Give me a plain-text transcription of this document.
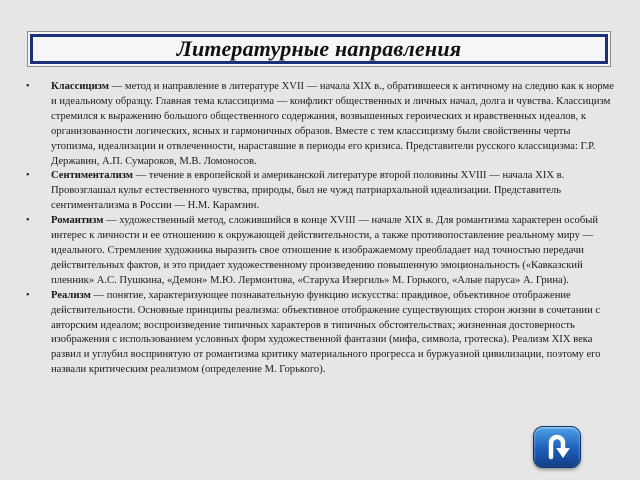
Литературные направления
• Классицизм — метод и направление в литературе XVII — начала XIX в., обратившееся к античному на следию как к норме и идеальному образцу. Главная тема классицизма — конфликт общественных и личных начал, долга и чувства. Классицизм стремился к выражению большого общественного содержания, возвышенных героических и нравственных идеалов, к организованности логических, ясных и гармоничных образов. Вместе с тем классицизму были свойственны черты утопизма, идеализации и отвлеченности, нараставшие в периоды его кризиса. Представители русского классицизма: Г.Р. Державин, А.П. Сумароков, М.В. Ломоносов.
• Сентиментализм — течение в европейской и американской литературе второй половины XVIII — начала XIX в. Провозглашал культ естественного чувства, природы, был не чужд патриархальной идеализации. Представитель сентиментализма в России — Н.М. Карамзин.
• Романтизм — художественный метод, сложившийся в конце XVIII — начале XIX в. Для романтизма характерен особый интерес к личности и ее отношению к окружающей действительности, а также противопоставление реальному миру — идеального. Стремление художника выразить свое отношение к изображаемому преобладает над точностью передачи действительных фактов, и это придает художественному произведению повышенную эмоциональность («Кавказский пленник» А.С. Пушкина, «Демон» М.Ю. Лермонтова, «Старуха Изергиль» М. Горького, «Алые паруса» А. Грина).
• Реализм — понятие, характеризующее познавательную функцию искусства: правдивое, объективное отображение действительности. Основные принципы реализма: объективное отображение существующих сторон жизни в сочетании с авторским идеалом; воспроизведение типичных характеров в типичных обстоятельствах; жизненная достоверность изображения с использованием условных форм художественной фантазии (мифа, символа, гротеска). Реализм XIX века развил и углубил воспринятую от романтизма критику материального прогресса и буржуазной цивилизации, поэтому его назвали критическим реализмом (определение М. Горького).
